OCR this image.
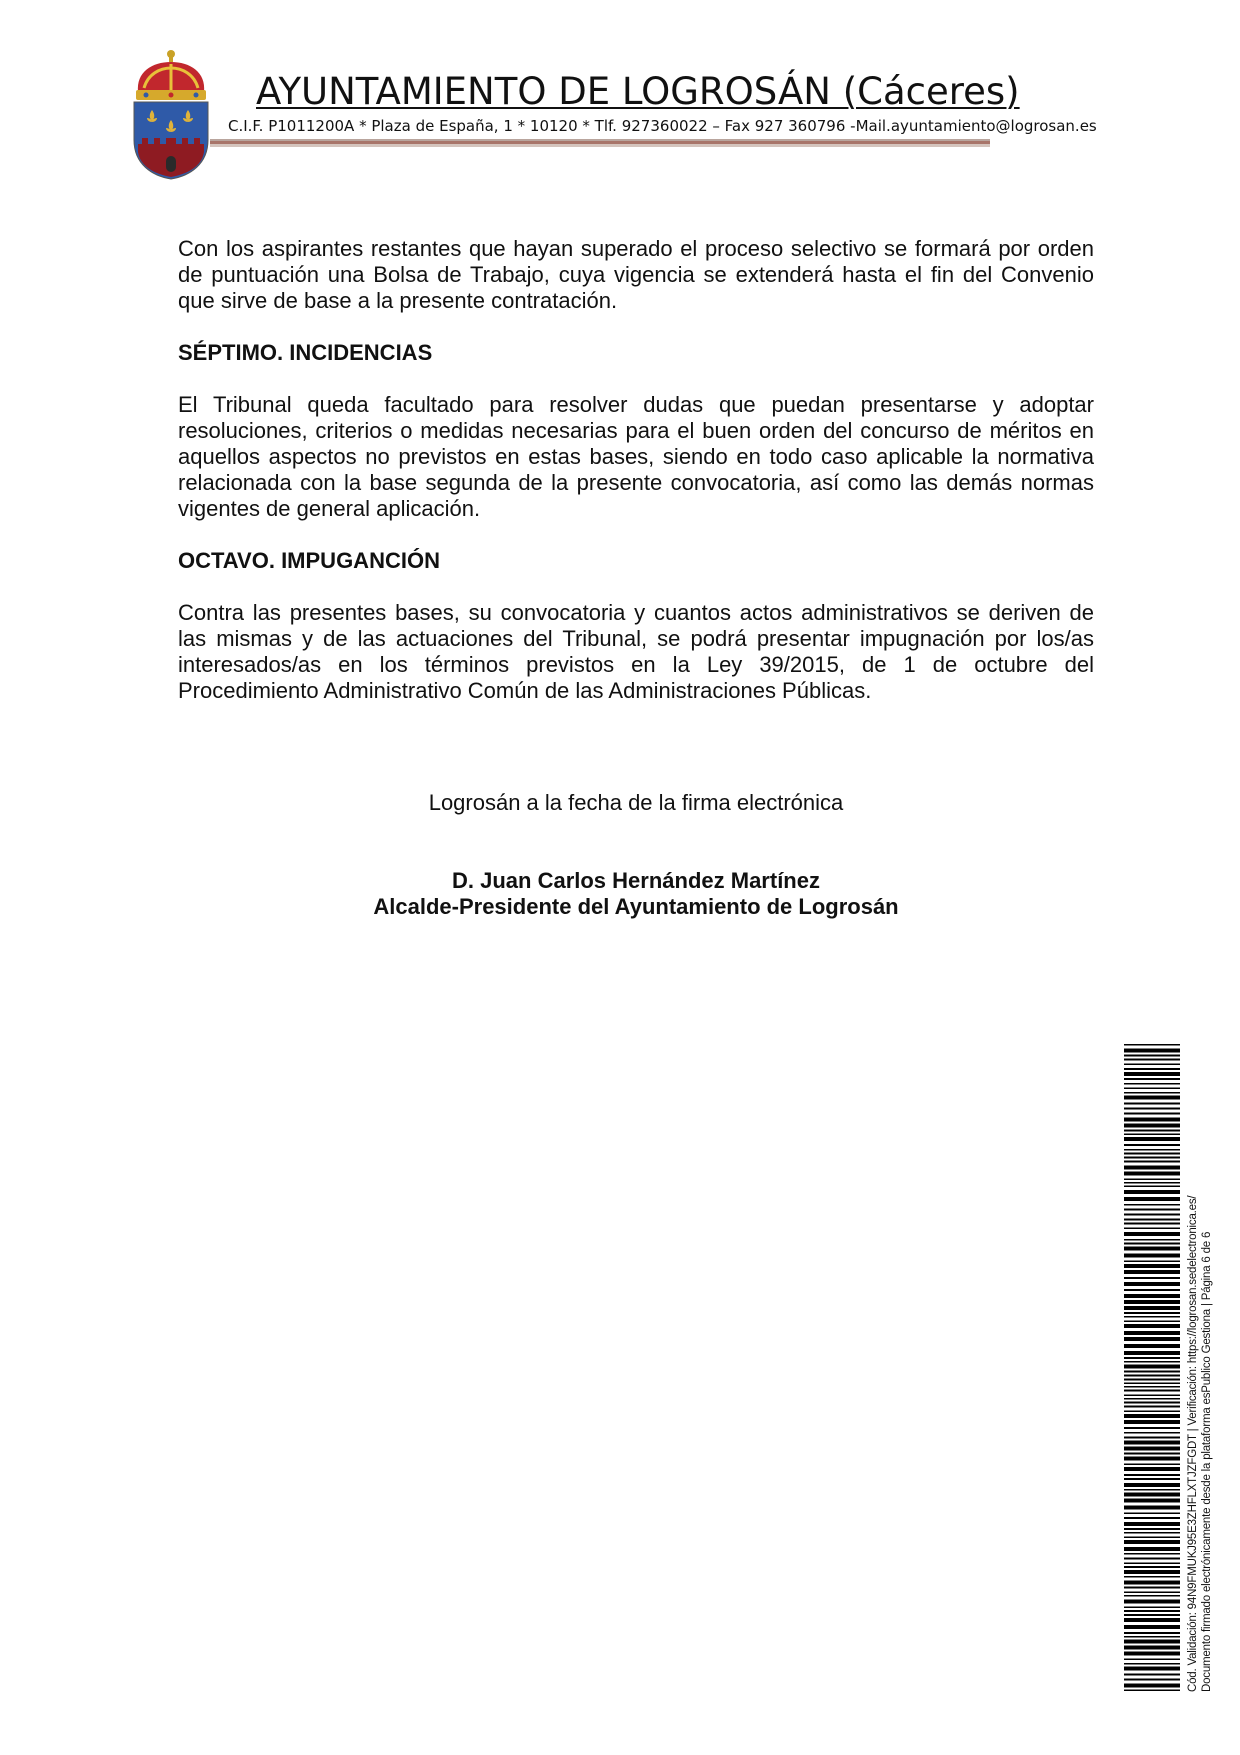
AYUNTAMIENTO DE LOGROSÁN (Cáceres)
C.I.F. P1011200A * Plaza de España, 1 * 10120 * Tlf. 927360022 – Fax 927 360796 -Mail.ayuntamiento@logrosan.es

Con los aspirantes restantes que hayan superado el proceso selectivo se formará por orden de puntuación una Bolsa de Trabajo, cuya vigencia se extenderá hasta el fin del Convenio que sirve de base a la presente contratación.

SÉPTIMO. INCIDENCIAS

El Tribunal queda facultado para resolver dudas que puedan presentarse y adoptar resoluciones, criterios o medidas necesarias para el buen orden del concurso de méritos en aquellos aspectos no previstos en estas bases, siendo en todo caso aplicable la normativa relacionada con la base segunda de la presente convocatoria, así como las demás normas vigentes de general aplicación.

OCTAVO. IMPUGANCIÓN

Contra las presentes bases, su convocatoria y cuantos actos administrativos se deriven de las mismas y de las actuaciones del Tribunal, se podrá presentar impugnación por los/as interesados/as en los términos previstos en la Ley 39/2015, de 1 de octubre del Procedimiento Administrativo Común de las Administraciones Públicas.

Logrosán a la fecha de la firma electrónica
D. Juan Carlos Hernández Martínez
Alcalde-Presidente del Ayuntamiento de Logrosán
Cód. Validación: 94N9FMUKJ95E3ZHFLXTJZFGDT | Verificación: https://logrosan.sedelectronica.es/ Documento firmado electrónicamente desde la plataforma esPublico Gestiona | Página 6 de 6
